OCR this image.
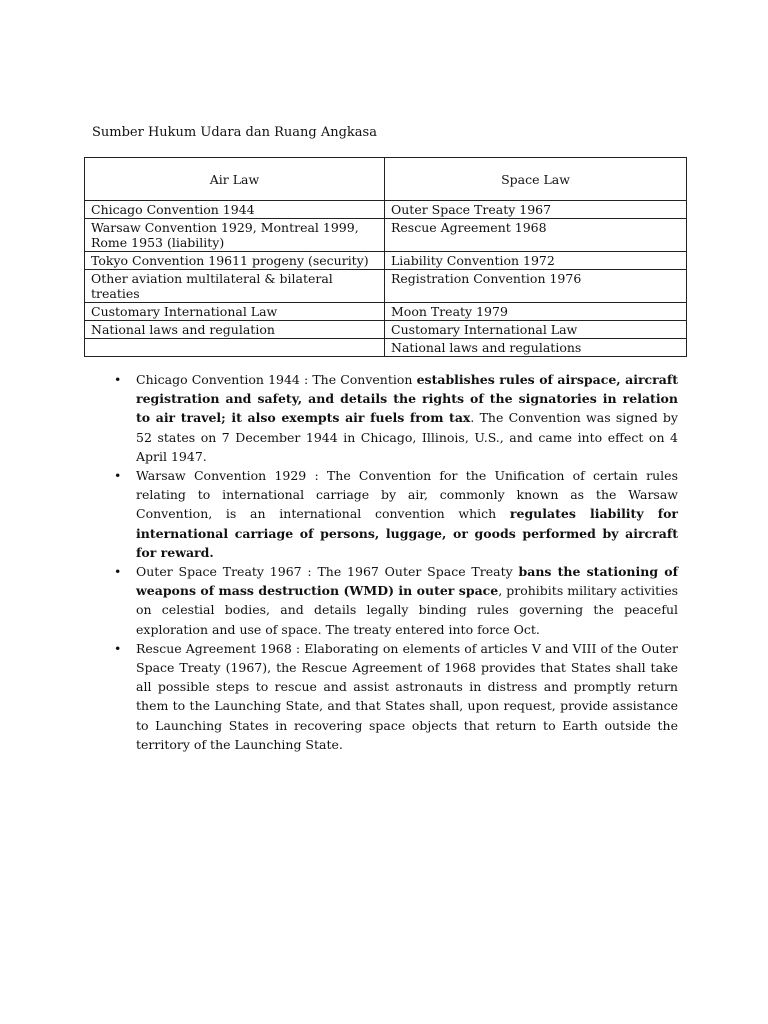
Sumber Hukum Udara dan Ruang Angkasa
Air Law	Space Law
Chicago Convention 1944	Outer Space Treaty 1967
Warsaw Convention 1929, Montreal 1999, Rome 1953 (liability)	Rescue Agreement 1968
Tokyo Convention 19611 progeny (security)	Liability Convention 1972
Other aviation multilateral & bilateral treaties	Registration Convention 1976
Customary International Law	Moon Treaty 1979
National laws and regulation	Customary International Law
	National laws and regulations
• Chicago Convention 1944 : The Convention establishes rules of airspace, aircraft registration and safety, and details the rights of the signatories in relation to air travel; it also exempts air fuels from tax. The Convention was signed by 52 states on 7 December 1944 in Chicago, Illinois, U.S., and came into effect on 4 April 1947.
• Warsaw Convention 1929 : The Convention for the Unification of certain rules relating to international carriage by air, commonly known as the Warsaw Convention, is an international convention which regulates liability for international carriage of persons, luggage, or goods performed by aircraft for reward.
• Outer Space Treaty 1967 : The 1967 Outer Space Treaty bans the stationing of weapons of mass destruction (WMD) in outer space, prohibits military activities on celestial bodies, and details legally binding rules governing the peaceful exploration and use of space. The treaty entered into force Oct.
• Rescue Agreement 1968 : Elaborating on elements of articles V and VIII of the Outer Space Treaty (1967), the Rescue Agreement of 1968 provides that States shall take all possible steps to rescue and assist astronauts in distress and promptly return them to the Launching State, and that States shall, upon request, provide assistance to Launching States in recovering space objects that return to Earth outside the territory of the Launching State.
